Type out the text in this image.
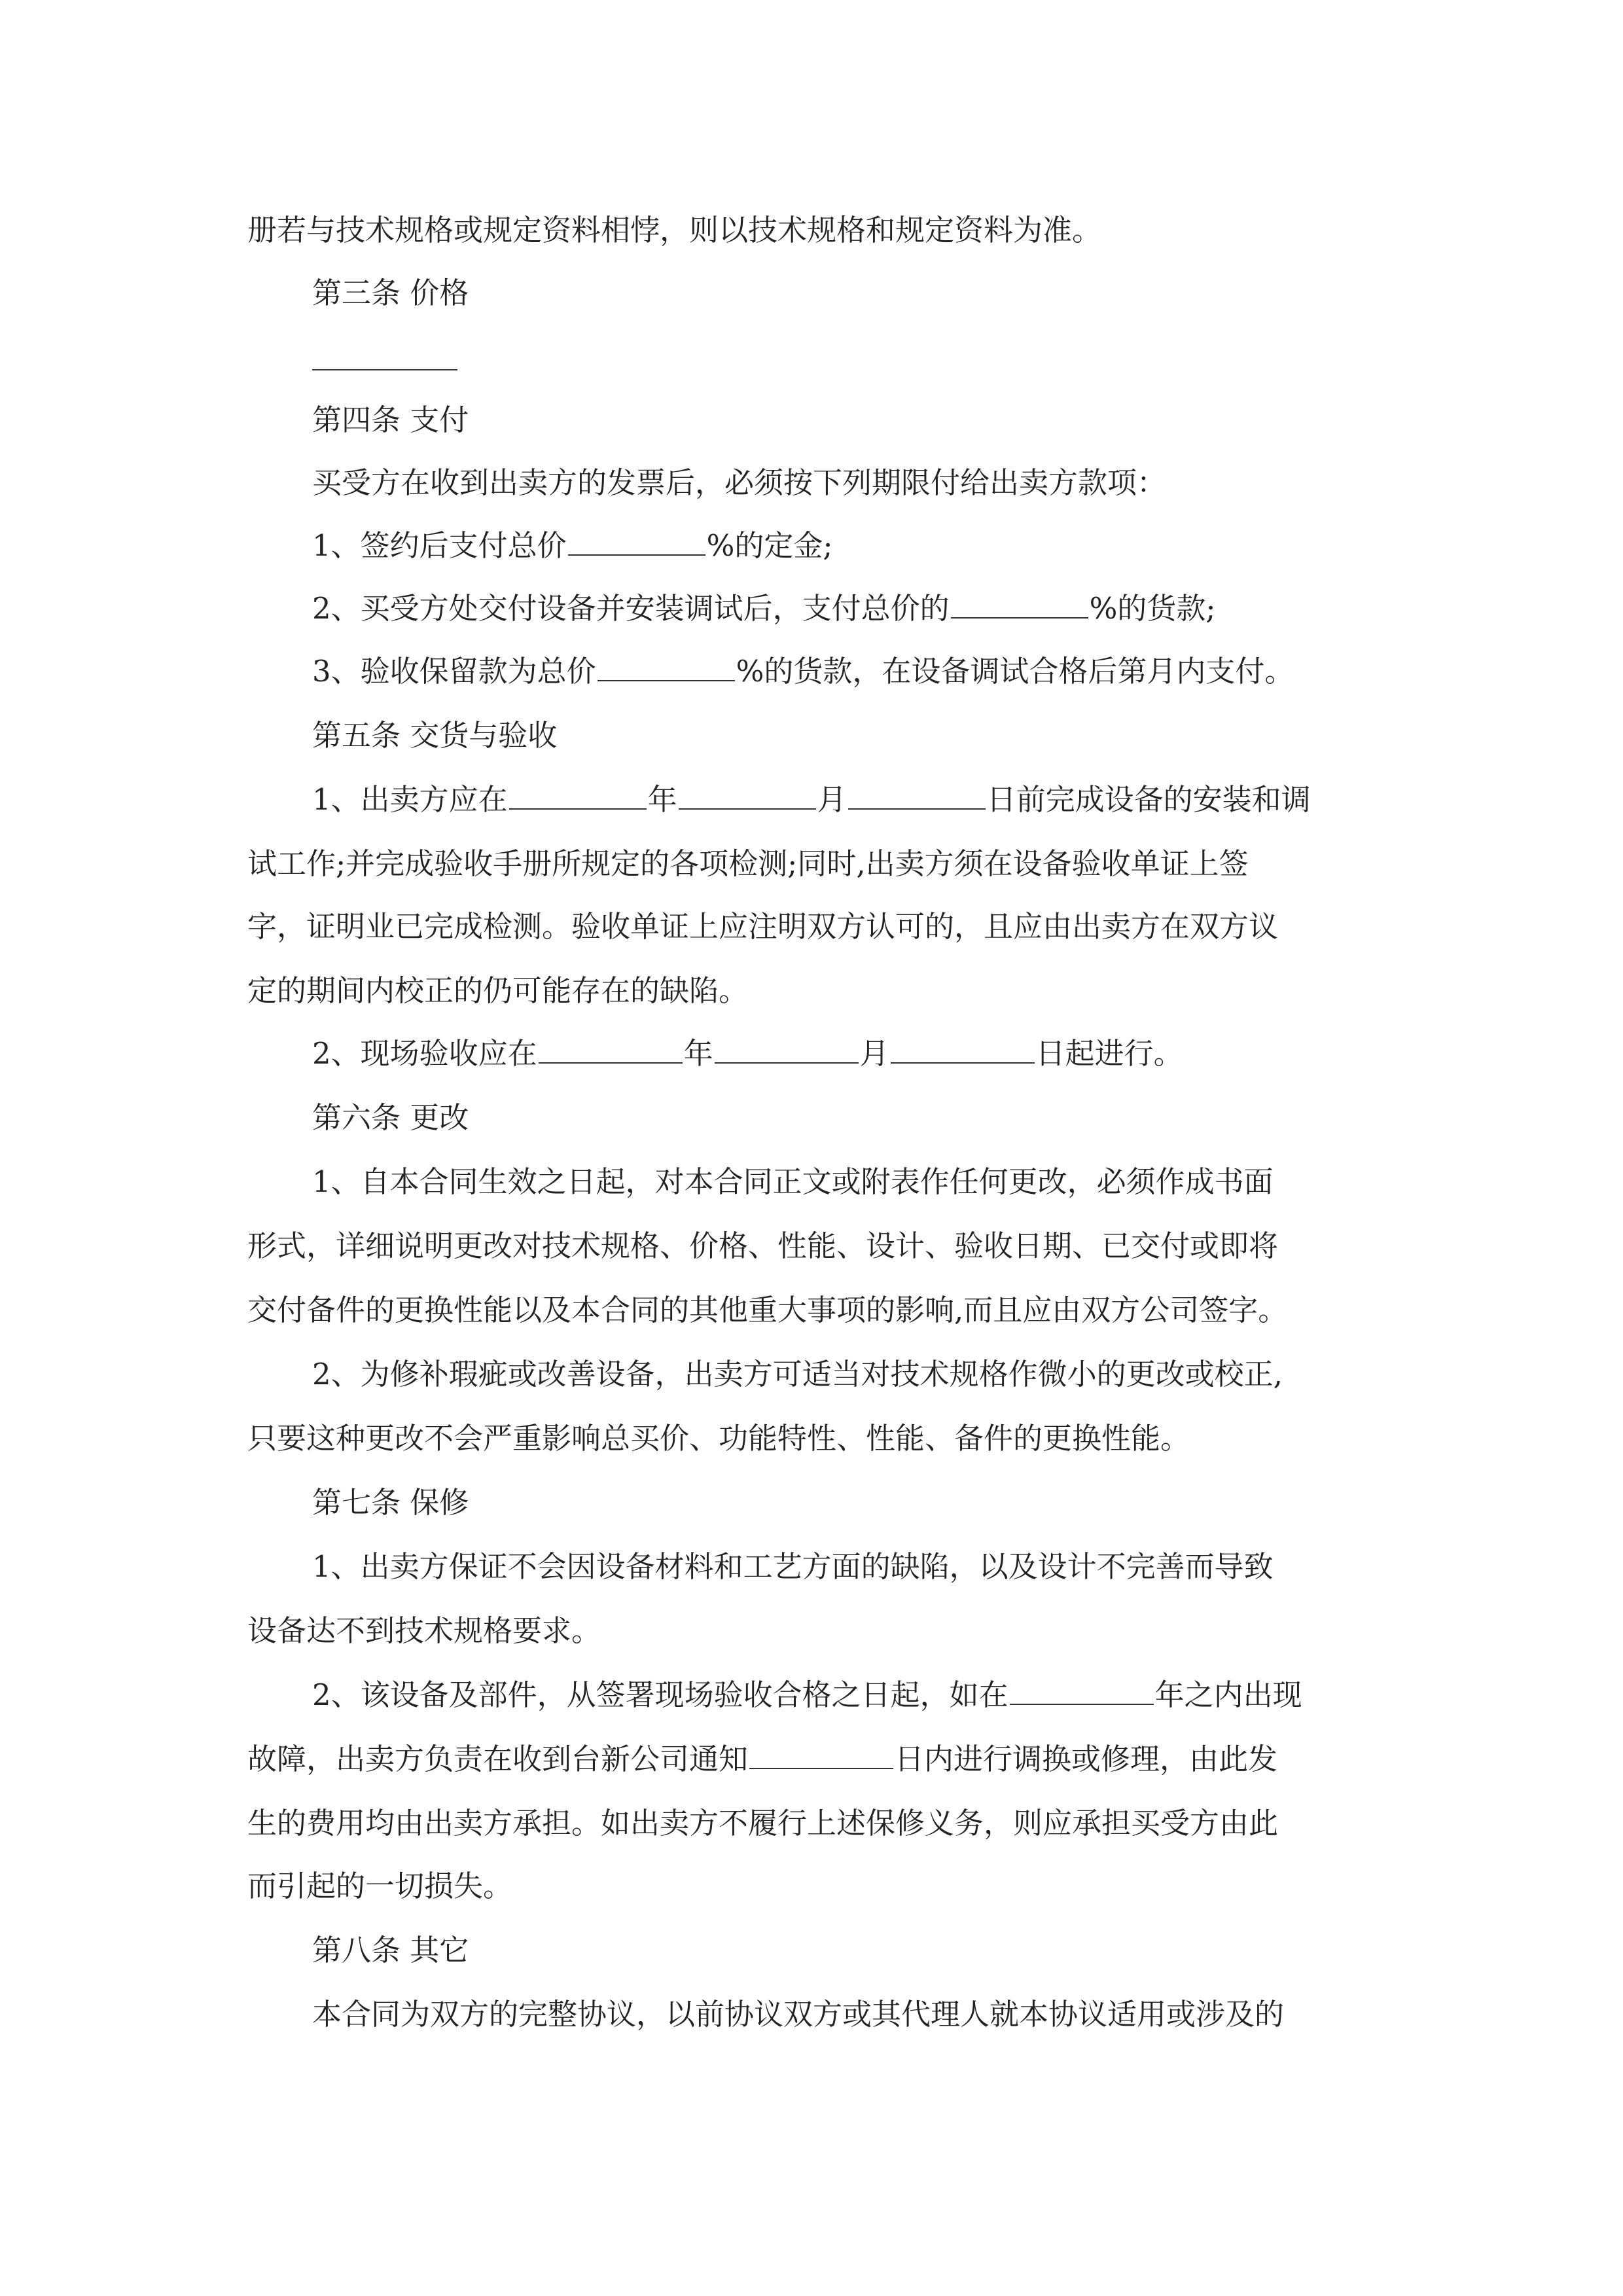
册若与技术规格或规定资料相悖，则以技术规格和规定资料为准。
第三条 价格
第四条 支付
买受方在收到出卖方的发票后，必须按下列期限付给出卖方款项：
1、签约后支付总价	%的定金;
2、买受方处交付设备并安装调试后，支付总价的	%的货款;
3、验收保留款为总价	%的货款，在设备调试合格后第月内支付。
第五条 交货与验收
1、出卖方应在	年	月	日前完成设备的安装和调
试工作;并完成验收手册所规定的各项检测;同时,出卖方须在设备验收单证上签
字，证明业已完成检测。验收单证上应注明双方认可的，且应由出卖方在双方议
定的期间内校正的仍可能存在的缺陷。
2、现场验收应在	年	月	日起进行。
第六条 更改
1、自本合同生效之日起，对本合同正文或附表作任何更改，必须作成书面
形式，详细说明更改对技术规格、价格、性能、设计、验收日期、已交付或即将
交付备件的更换性能以及本合同的其他重大事项的影响,而且应由双方公司签字。
2、为修补瑕疵或改善设备，出卖方可适当对技术规格作微小的更改或校正,
只要这种更改不会严重影响总买价、功能特性、性能、备件的更换性能。
第七条 保修
1、出卖方保证不会因设备材料和工艺方面的缺陷，以及设计不完善而导致
设备达不到技术规格要求。
2、该设备及部件，从签署现场验收合格之日起，如在	年之内出现
故障，出卖方负责在收到台新公司通知	日内进行调换或修理，由此发
生的费用均由出卖方承担。如出卖方不履行上述保修义务，则应承担买受方由此
而引起的一切损失。
第八条 其它
本合同为双方的完整协议，以前协议双方或其代理人就本协议适用或涉及的
